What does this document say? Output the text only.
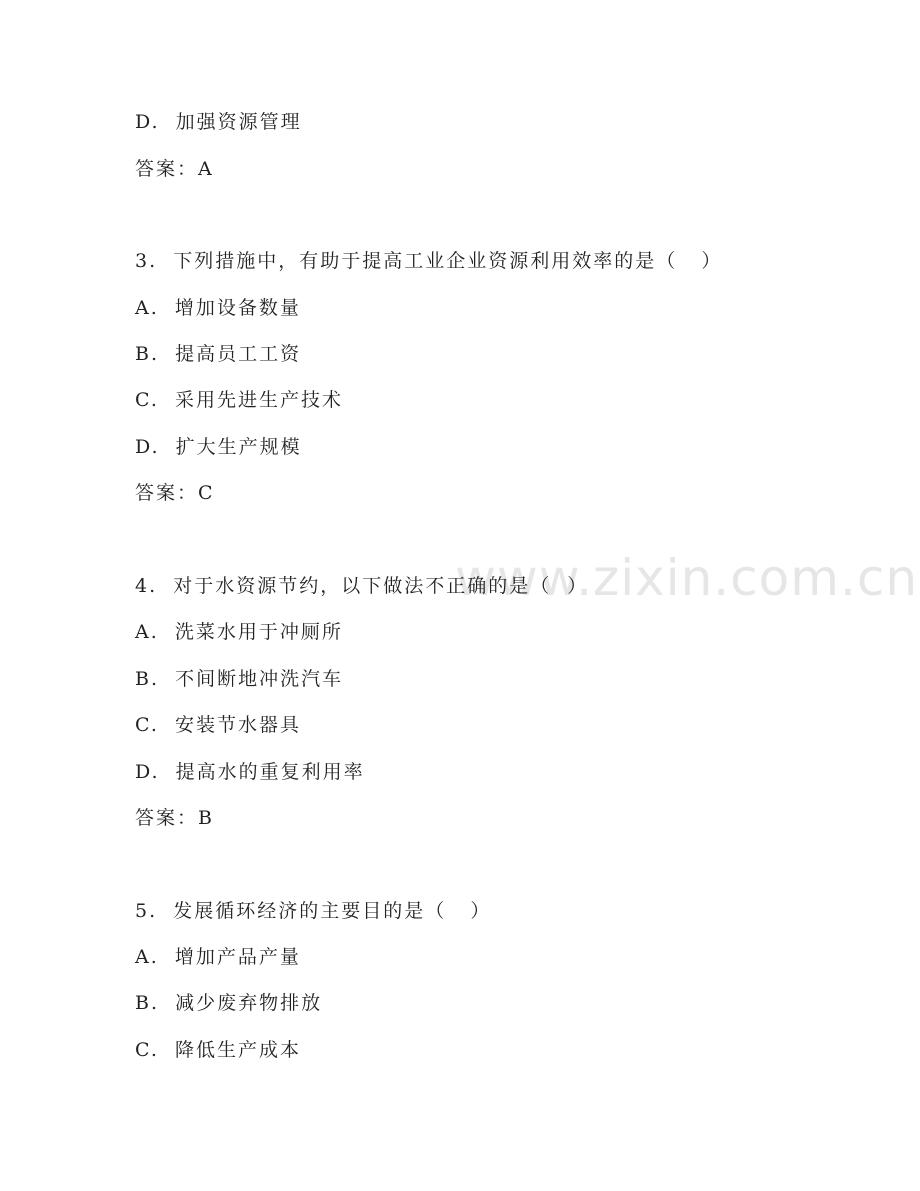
www.zixin.com.cn
D.  加强资源管理
答案：A
3.  下列措施中，有助于提高工业企业资源利用效率的是（   ）
A.  增加设备数量
B.  提高员工工资
C.  采用先进生产技术
D.  扩大生产规模
答案：C
4.  对于水资源节约，以下做法不正确的是（  ）
A.  洗菜水用于冲厕所
B.  不间断地冲洗汽车
C.  安装节水器具
D.  提高水的重复利用率
答案：B
5.  发展循环经济的主要目的是（   ）
A.  增加产品产量
B.  减少废弃物排放
C.  降低生产成本
